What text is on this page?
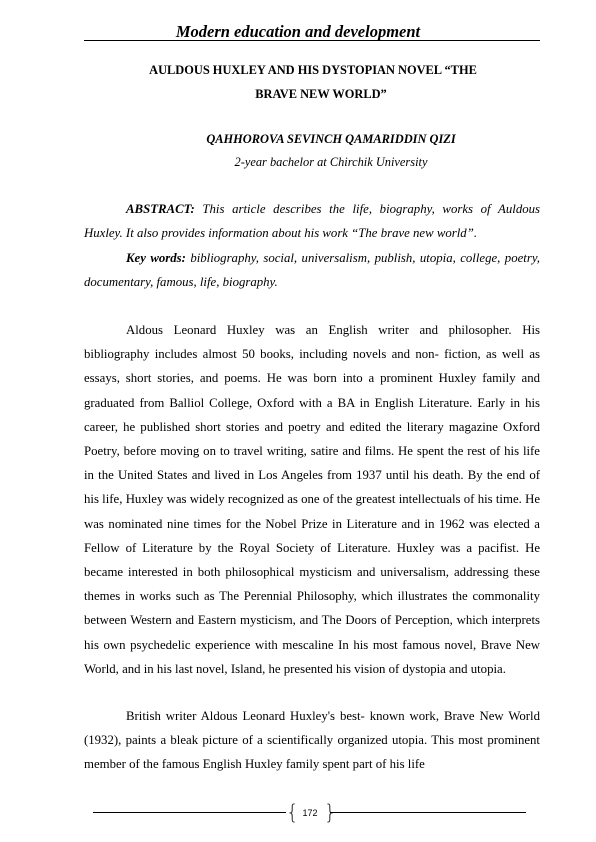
Modern education and development
AULDOUS HUXLEY AND HIS DYSTOPIAN NOVEL “THE
BRAVE NEW WORLD”
QAHHOROVA SEVINCH QAMARIDDIN QIZI
2-year bachelor at Chirchik University

ABSTRACT: This article describes the life, biography, works of Auldous Huxley. It also provides information about his work “The brave new world”.

Key words: bibliography, social, universalism, publish, utopia, college, poetry, documentary, famous, life, biography.

Aldous Leonard Huxley was an English writer and philosopher. His bibliography includes almost 50 books, including novels and non- fiction, as well as essays, short stories, and poems. He was born into a prominent Huxley family and graduated from Balliol College, Oxford with a BA in English Literature. Early in his career, he published short stories and poetry and edited the literary magazine Oxford Poetry, before moving on to travel writing, satire and films. He spent the rest of his life in the United States and lived in Los Angeles from 1937 until his death. By the end of his life, Huxley was widely recognized as one of the greatest intellectuals of his time. He was nominated nine times for the Nobel Prize in Literature and in 1962 was elected a Fellow of Literature by the Royal Society of Literature. Huxley was a pacifist. He became interested in both philosophical mysticism and universalism, addressing these themes in works such as The Perennial Philosophy, which illustrates the commonality between Western and Eastern mysticism, and The Doors of Perception, which interprets his own psychedelic experience with mescaline In his most famous novel, Brave New World, and in his last novel, Island, he presented his vision of dystopia and utopia.

British writer Aldous Leonard Huxley's best- known work, Brave New World (1932), paints a bleak picture of a scientifically organized utopia. This most prominent member of the famous English Huxley family spent part of his life

{ 172 }
